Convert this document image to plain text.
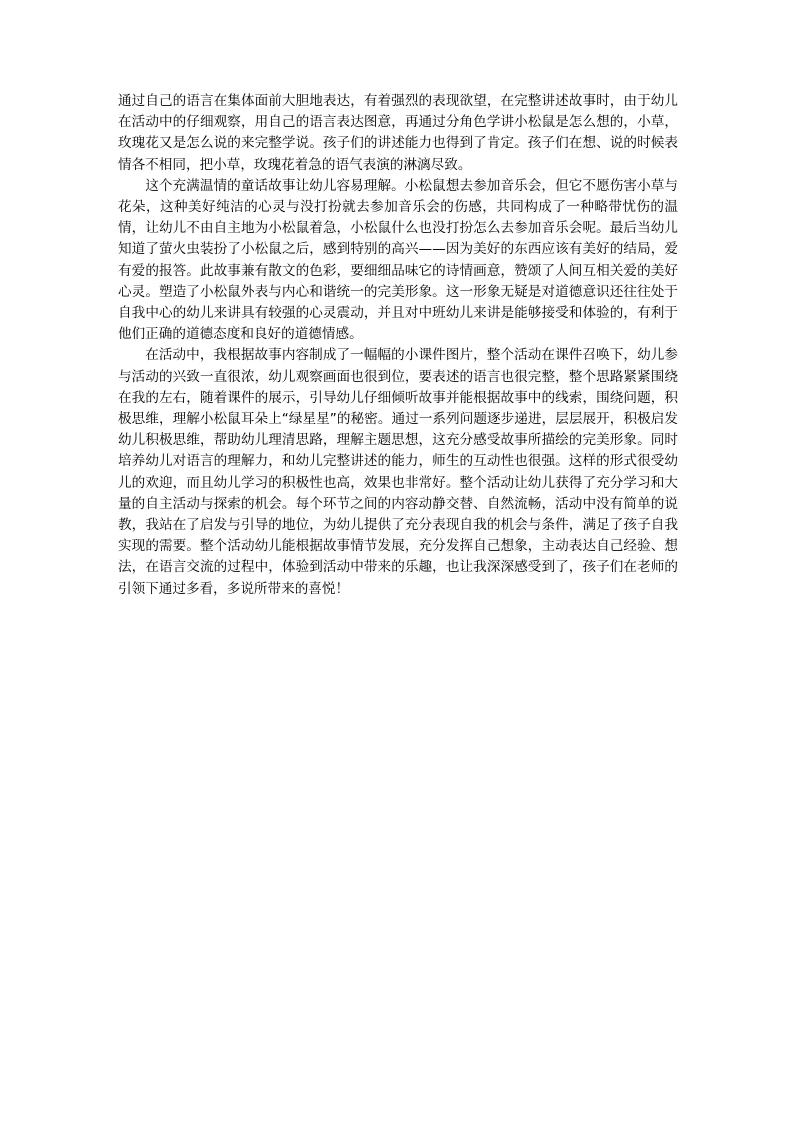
通过自己的语言在集体面前大胆地表达，有着强烈的表现欲望，在完整讲述故事时，由于幼儿在活动中的仔细观察，用自己的语言表达图意，再通过分角色学讲小松鼠是怎么想的，小草，玫瑰花又是怎么说的来完整学说。孩子们的讲述能力也得到了肯定。孩子们在想、说的时候表情各不相同，把小草，玫瑰花着急的语气表演的淋漓尽致。

这个充满温情的童话故事让幼儿容易理解。小松鼠想去参加音乐会，但它不愿伤害小草与花朵，这种美好纯洁的心灵与没打扮就去参加音乐会的伤感，共同构成了一种略带忧伤的温情，让幼儿不由自主地为小松鼠着急，小松鼠什么也没打扮怎么去参加音乐会呢。最后当幼儿知道了萤火虫装扮了小松鼠之后，感到特别的高兴——因为美好的东西应该有美好的结局，爱有爱的报答。此故事兼有散文的色彩，要细细品味它的诗情画意，赞颂了人间互相关爱的美好心灵。塑造了小松鼠外表与内心和谐统一的完美形象。这一形象无疑是对道德意识还往往处于自我中心的幼儿来讲具有较强的心灵震动，并且对中班幼儿来讲是能够接受和体验的，有利于他们正确的道德态度和良好的道德情感。

在活动中，我根据故事内容制成了一幅幅的小课件图片，整个活动在课件召唤下，幼儿参与活动的兴致一直很浓，幼儿观察画面也很到位，要表述的语言也很完整，整个思路紧紧围绕在我的左右，随着课件的展示，引导幼儿仔细倾听故事并能根据故事中的线索，围绕问题，积极思维，理解小松鼠耳朵上“绿星星”的秘密。通过一系列问题逐步递进，层层展开，积极启发幼儿积极思维，帮助幼儿理清思路，理解主题思想，这充分感受故事所描绘的完美形象。同时培养幼儿对语言的理解力，和幼儿完整讲述的能力，师生的互动性也很强。这样的形式很受幼儿的欢迎，而且幼儿学习的积极性也高，效果也非常好。整个活动让幼儿获得了充分学习和大量的自主活动与探索的机会。每个环节之间的内容动静交替、自然流畅，活动中没有简单的说教，我站在了启发与引导的地位，为幼儿提供了充分表现自我的机会与条件，满足了孩子自我实现的需要。整个活动幼儿能根据故事情节发展，充分发挥自己想象，主动表达自己经验、想法，在语言交流的过程中，体验到活动中带来的乐趣，也让我深深感受到了，孩子们在老师的引领下通过多看，多说所带来的喜悦！
